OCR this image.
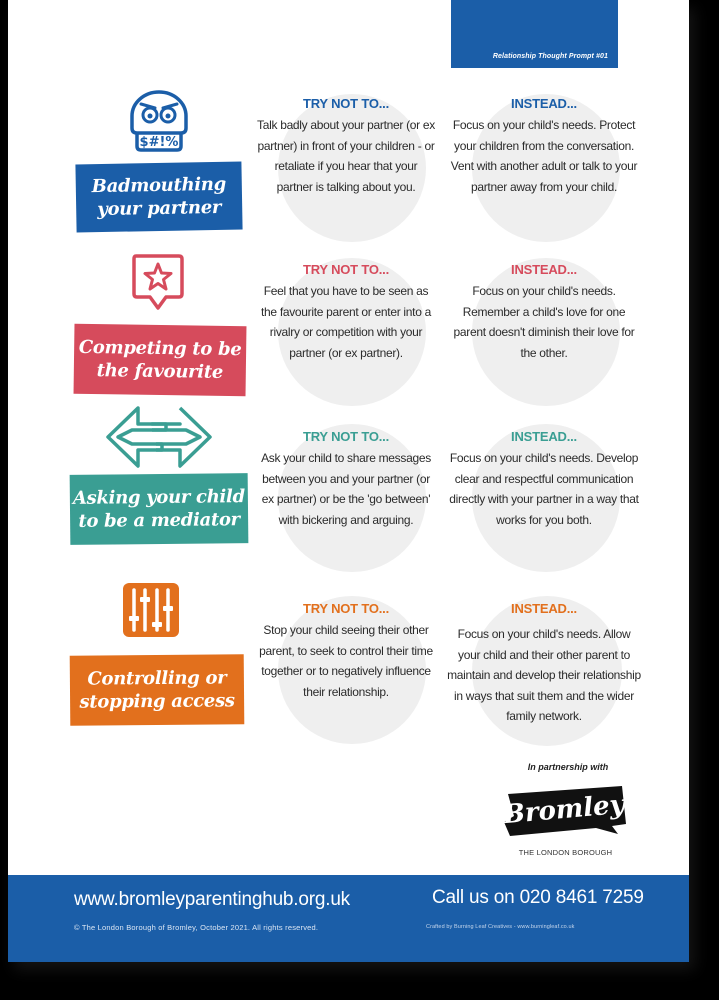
Relationship Thought Prompt #01
$#!%
Badmouthing
your partner
TRY NOT TO...
Talk badly about your partner (or ex partner) in front of your children - or retaliate if you hear that your partner is talking about you.
INSTEAD...
Focus on your child's needs. Protect your children from the conversation. Vent with another adult or talk to your partner away from your child.
Competing to be
the favourite
TRY NOT TO...
Feel that you have to be seen as the favourite parent or enter into a rivalry or competition with your partner (or ex partner).
INSTEAD...
Focus on your child's needs. Remember a child's love for one parent doesn't diminish their love for the other.
Asking your child
to be a mediator
TRY NOT TO...
Ask your child to share messages between you and your partner (or ex partner) or be the 'go between' with bickering and arguing.
INSTEAD...
Focus on your child's needs. Develop clear and respectful communication directly with your partner in a way that works for you both.
Controlling or
stopping access
TRY NOT TO...
Stop your child seeing their other parent, to seek to control their time together or to negatively influence their relationship.
INSTEAD...
Focus on your child's needs. Allow your child and their other parent to maintain and develop their relationship in ways that suit them and the wider family network.
In partnership with
Bromley
THE LONDON BOROUGH
www.bromleyparentinghub.org.uk
© The London Borough of Bromley, October 2021. All rights reserved.
Call us on 020 8461 7259
Crafted by Burning Leaf Creatives - www.burningleaf.co.uk
